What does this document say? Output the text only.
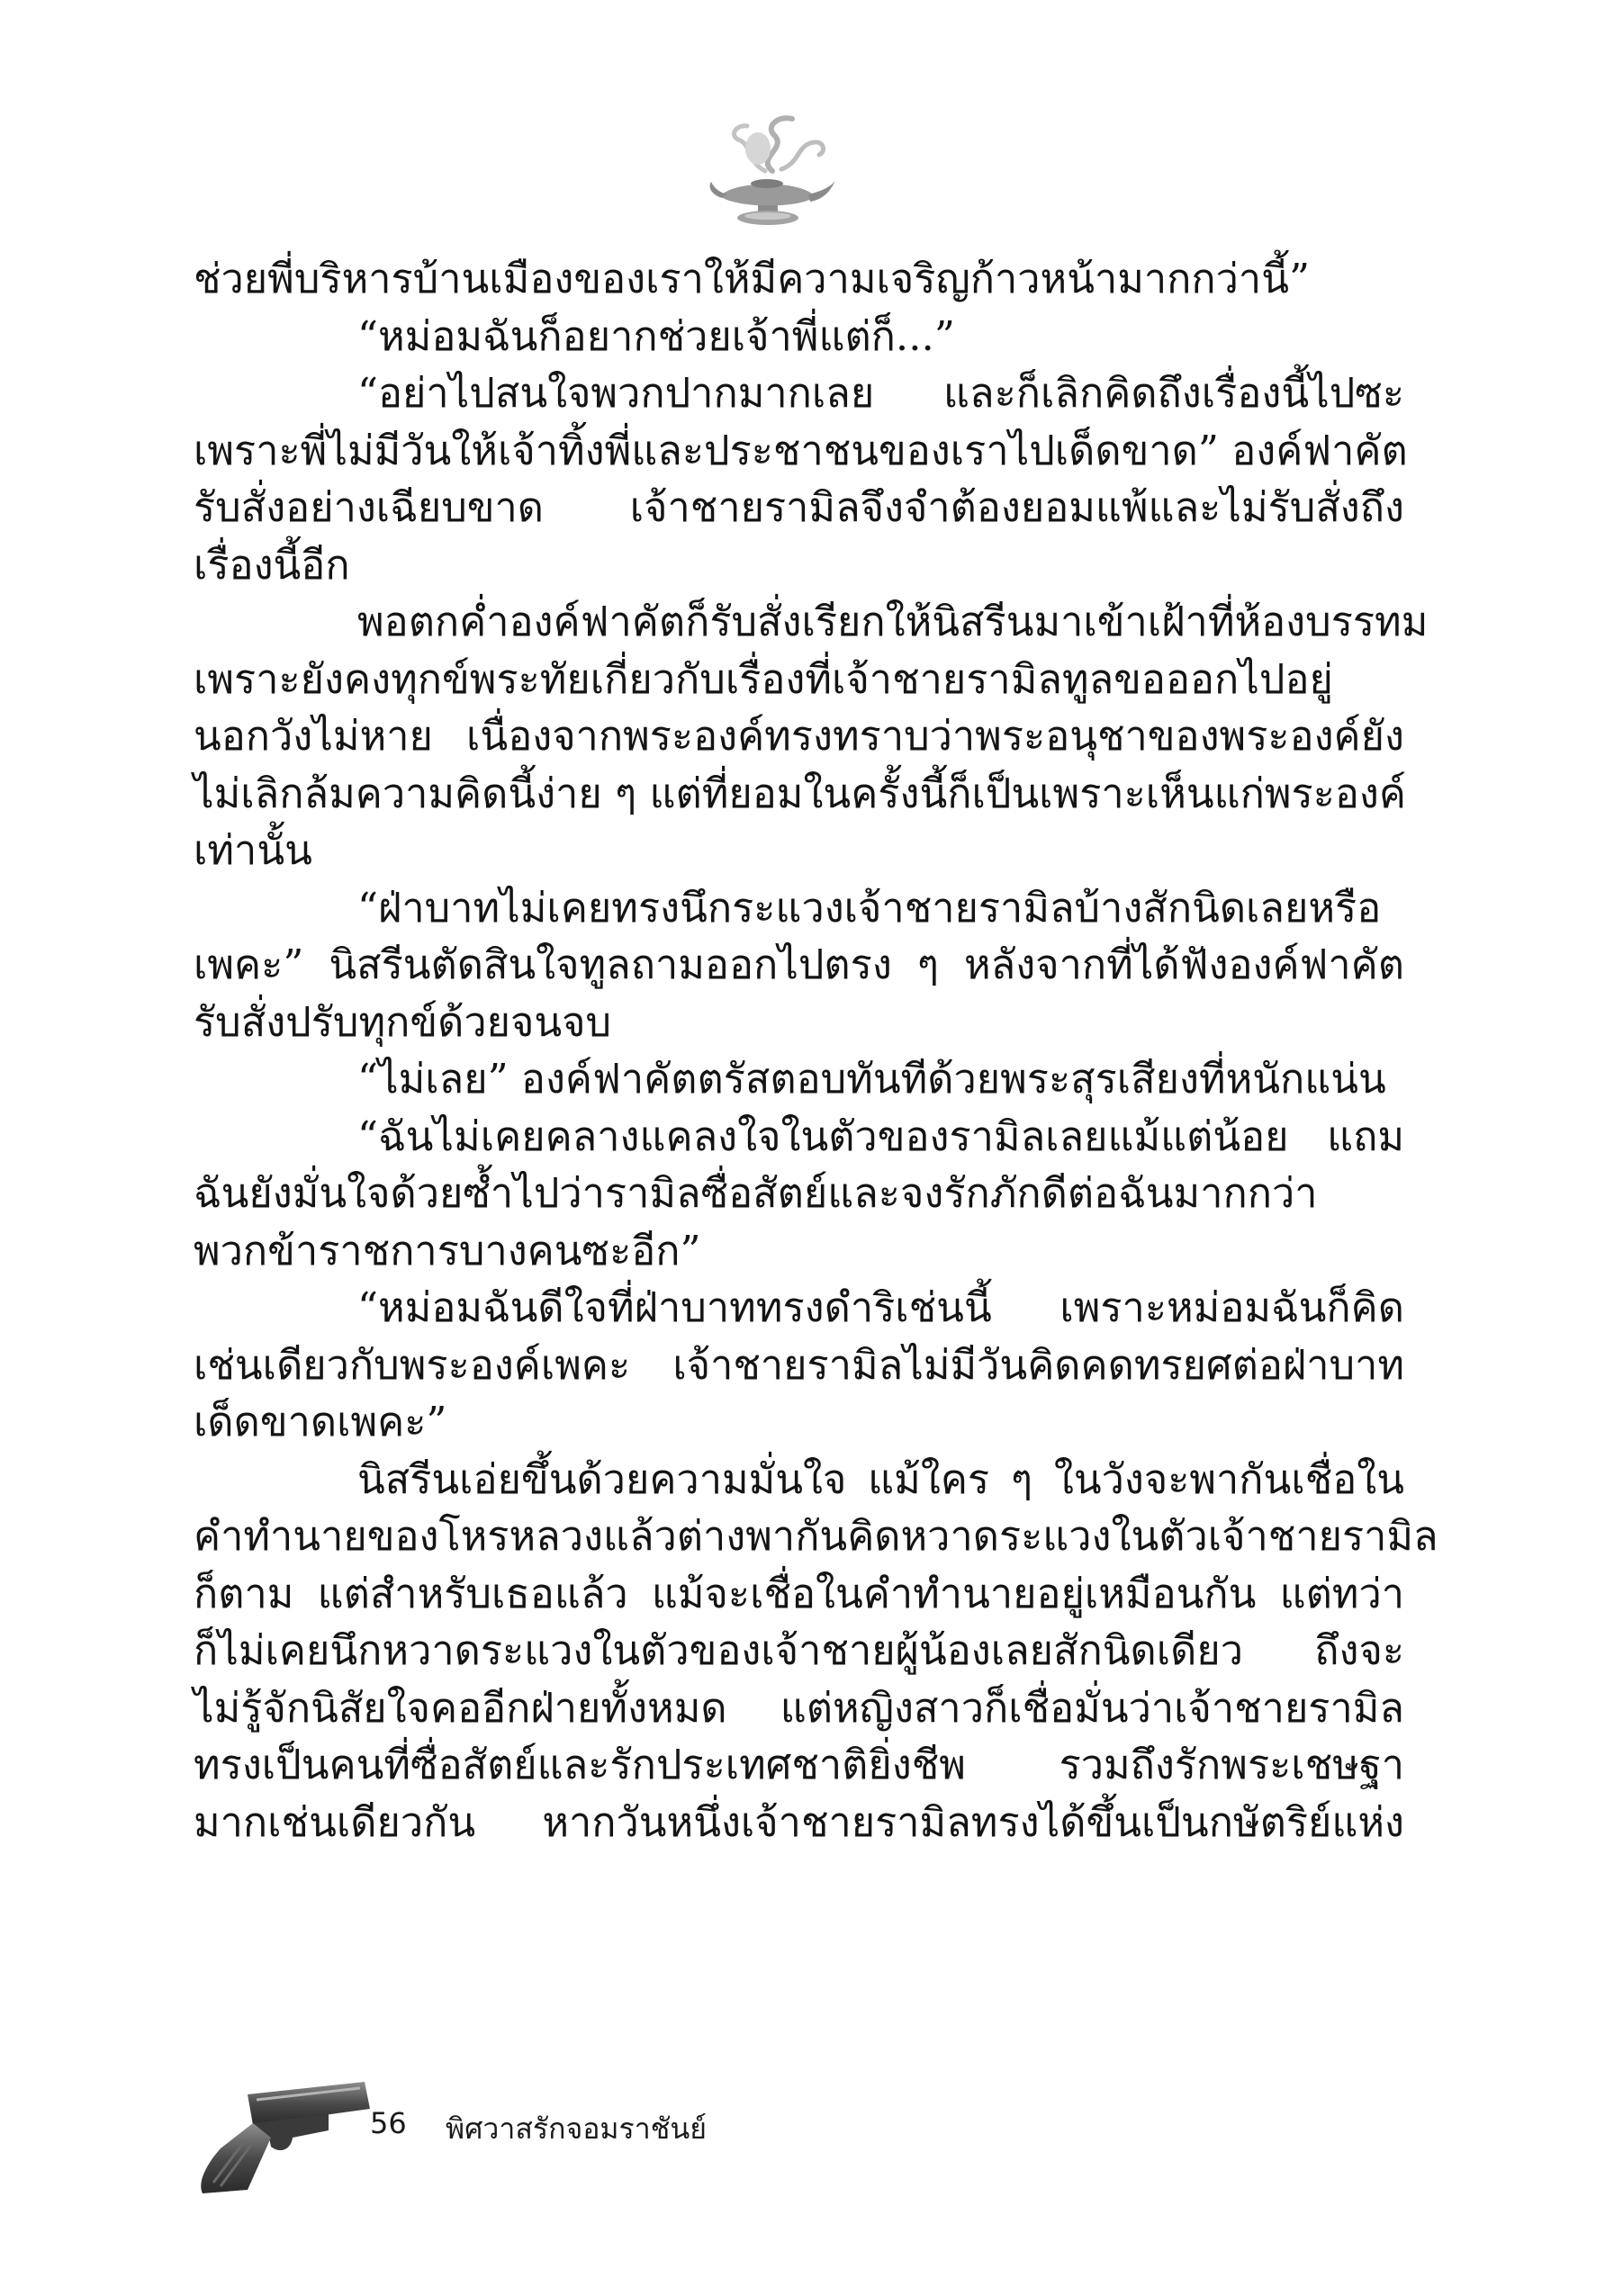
ช่วยพี่บริหารบ้านเมืองของเราให้มีความเจริญก้าวหน้ามากกว่านี้”
“หม่อมฉันก็อยากช่วยเจ้าพี่แต่ก็...”
“อย่าไปสนใจพวกปากมากเลย และก็เลิกคิดถึงเรื่องนี้ไปซะ
เพราะพี่ไม่มีวันให้เจ้าทิ้งพี่และประชาชนของเราไปเด็ดขาด” องค์ฟาคัต
รับสั่งอย่างเฉียบขาด เจ้าชายรามิลจึงจำต้องยอมแพ้และไม่รับสั่งถึง
เรื่องนี้อีก
พอตกค่ำองค์ฟาคัตก็รับสั่งเรียกให้นิสรีนมาเข้าเฝ้าที่ห้องบรรทม
เพราะยังคงทุกข์พระทัยเกี่ยวกับเรื่องที่เจ้าชายรามิลทูลขอออกไปอยู่
นอกวังไม่หาย เนื่องจากพระองค์ทรงทราบว่าพระอนุชาของพระองค์ยัง
ไม่เลิกล้มความคิดนี้ง่าย ๆ แต่ที่ยอมในครั้งนี้ก็เป็นเพราะเห็นแก่พระองค์
เท่านั้น
“ฝ่าบาทไม่เคยทรงนึกระแวงเจ้าชายรามิลบ้างสักนิดเลยหรือ
เพคะ” นิสรีนตัดสินใจทูลถามออกไปตรง ๆ หลังจากที่ได้ฟังองค์ฟาคัต
รับสั่งปรับทุกข์ด้วยจนจบ
“ไม่เลย” องค์ฟาคัตตรัสตอบทันทีด้วยพระสุรเสียงที่หนักแน่น
“ฉันไม่เคยคลางแคลงใจในตัวของรามิลเลยแม้แต่น้อย แถม
ฉันยังมั่นใจด้วยซ้ำไปว่ารามิลซื่อสัตย์และจงรักภักดีต่อฉันมากกว่า
พวกข้าราชการบางคนซะอีก”
“หม่อมฉันดีใจที่ฝ่าบาททรงดำริเช่นนี้ เพราะหม่อมฉันก็คิด
เช่นเดียวกับพระองค์เพคะ เจ้าชายรามิลไม่มีวันคิดคดทรยศต่อฝ่าบาท
เด็ดขาดเพคะ”
นิสรีนเอ่ยขึ้นด้วยความมั่นใจ แม้ใคร ๆ ในวังจะพากันเชื่อใน
คำทำนายของโหรหลวงแล้วต่างพากันคิดหวาดระแวงในตัวเจ้าชายรามิล
ก็ตาม แต่สำหรับเธอแล้ว แม้จะเชื่อในคำทำนายอยู่เหมือนกัน แต่ทว่า
ก็ไม่เคยนึกหวาดระแวงในตัวของเจ้าชายผู้น้องเลยสักนิดเดียว ถึงจะ
ไม่รู้จักนิสัยใจคออีกฝ่ายทั้งหมด แต่หญิงสาวก็เชื่อมั่นว่าเจ้าชายรามิล
ทรงเป็นคนที่ซื่อสัตย์และรักประเทศชาติยิ่งชีพ รวมถึงรักพระเชษฐา
มากเช่นเดียวกัน หากวันหนึ่งเจ้าชายรามิลทรงได้ขึ้นเป็นกษัตริย์แห่ง
56 พิศวาสรักจอมราชันย์
